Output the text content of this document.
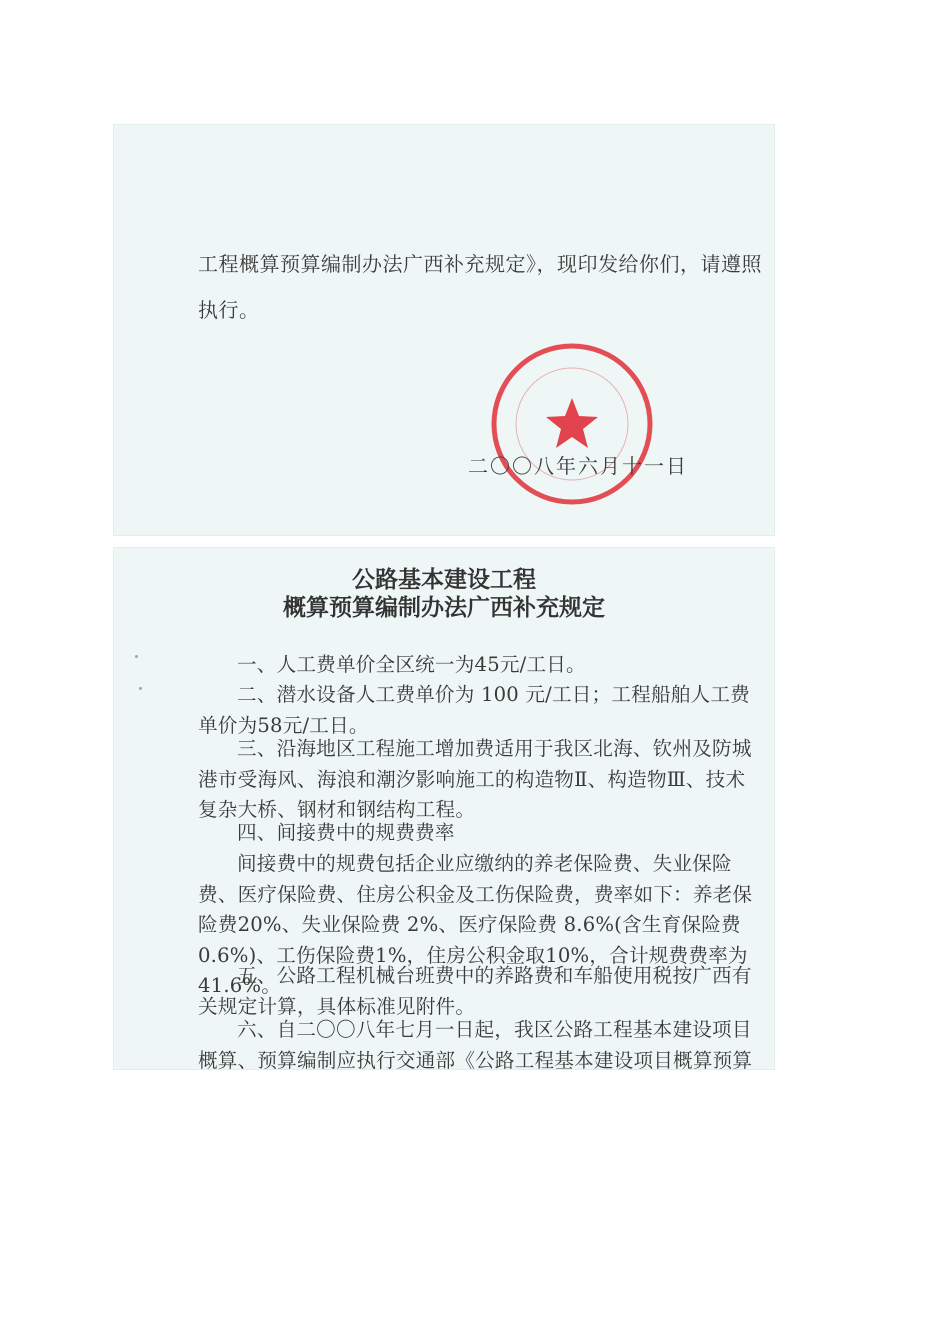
工程概算预算编制办法广西补充规定》，现印发给你们，请遵照
执行。
二〇〇八年六月十一日
公路基本建设工程
概算预算编制办法广西补充规定
一、人工费单价全区统一为45元/工日。
二、潜水设备人工费单价为 100 元/工日；工程船舶人工费单价为58元/工日。
三、沿海地区工程施工增加费适用于我区北海、钦州及防城港市受海风、海浪和潮汐影响施工的构造物Ⅱ、构造物Ⅲ、技术复杂大桥、钢材和钢结构工程。
四、间接费中的规费费率
间接费中的规费包括企业应缴纳的养老保险费、失业保险费、医疗保险费、住房公积金及工伤保险费，费率如下：养老保险费20%、失业保险费 2%、医疗保险费 8.6%(含生育保险费 0.6%)、工伤保险费1%，住房公积金取10%，合计规费费率为41.6%。
五、公路工程机械台班费中的养路费和车船使用税按广西有关规定计算，具体标准见附件。
六、自二〇〇八年七月一日起，我区公路工程基本建设项目概算、预算编制应执行交通部《公路工程基本建设项目概算预算
